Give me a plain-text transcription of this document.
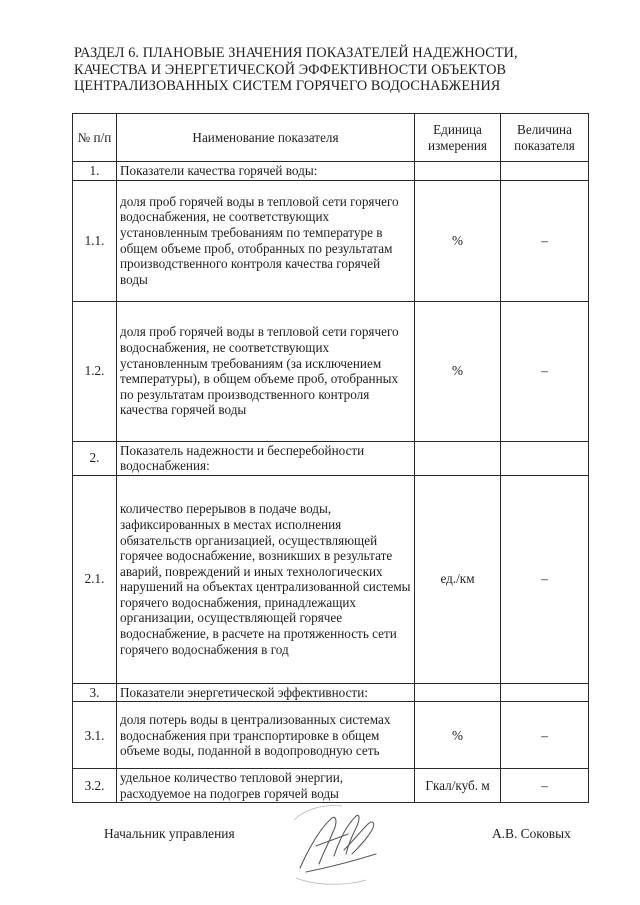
РАЗДЕЛ 6. ПЛАНОВЫЕ ЗНАЧЕНИЯ ПОКАЗАТЕЛЕЙ НАДЕЖНОСТИ,
КАЧЕСТВА И ЭНЕРГЕТИЧЕСКОЙ ЭФФЕКТИВНОСТИ ОБЪЕКТОВ
ЦЕНТРАЛИЗОВАННЫХ СИСТЕМ ГОРЯЧЕГО ВОДОСНАБЖЕНИЯ
№ п/п	Наименование показателя	Единица измерения	Величина показателя
1.	Показатели качества горячей воды:		
1.1.	доля проб горячей воды в тепловой сети горячего водоснабжения, не соответствующих установленным требованиям по температуре в общем объеме проб, отобранных по результатам производственного контроля качества горячей воды	%	–
1.2.	доля проб горячей воды в тепловой сети горячего водоснабжения, не соответствующих установленным требованиям (за исключением температуры), в общем объеме проб, отобранных по результатам производственного контроля качества горячей воды	%	–
2.	Показатель надежности и бесперебойности водоснабжения:		
2.1.	количество перерывов в подаче воды, зафиксированных в местах исполнения обязательств организацией, осуществляющей горячее водоснабжение, возникших в результате аварий, повреждений и иных технологических нарушений на объектах централизованной системы горячего водоснабжения, принадлежащих организации, осуществляющей горячее водоснабжение, в расчете на протяженность сети горячего водоснабжения в год	ед./км	–
3.	Показатели энергетической эффективности:		
3.1.	доля потерь воды в централизованных системах водоснабжения при транспортировке в общем объеме воды, поданной в водопроводную сеть	%	–
3.2.	удельное количество тепловой энергии, расходуемое на подогрев горячей воды	Гкал/куб. м	–
Начальник управления	А.В. Соковых
